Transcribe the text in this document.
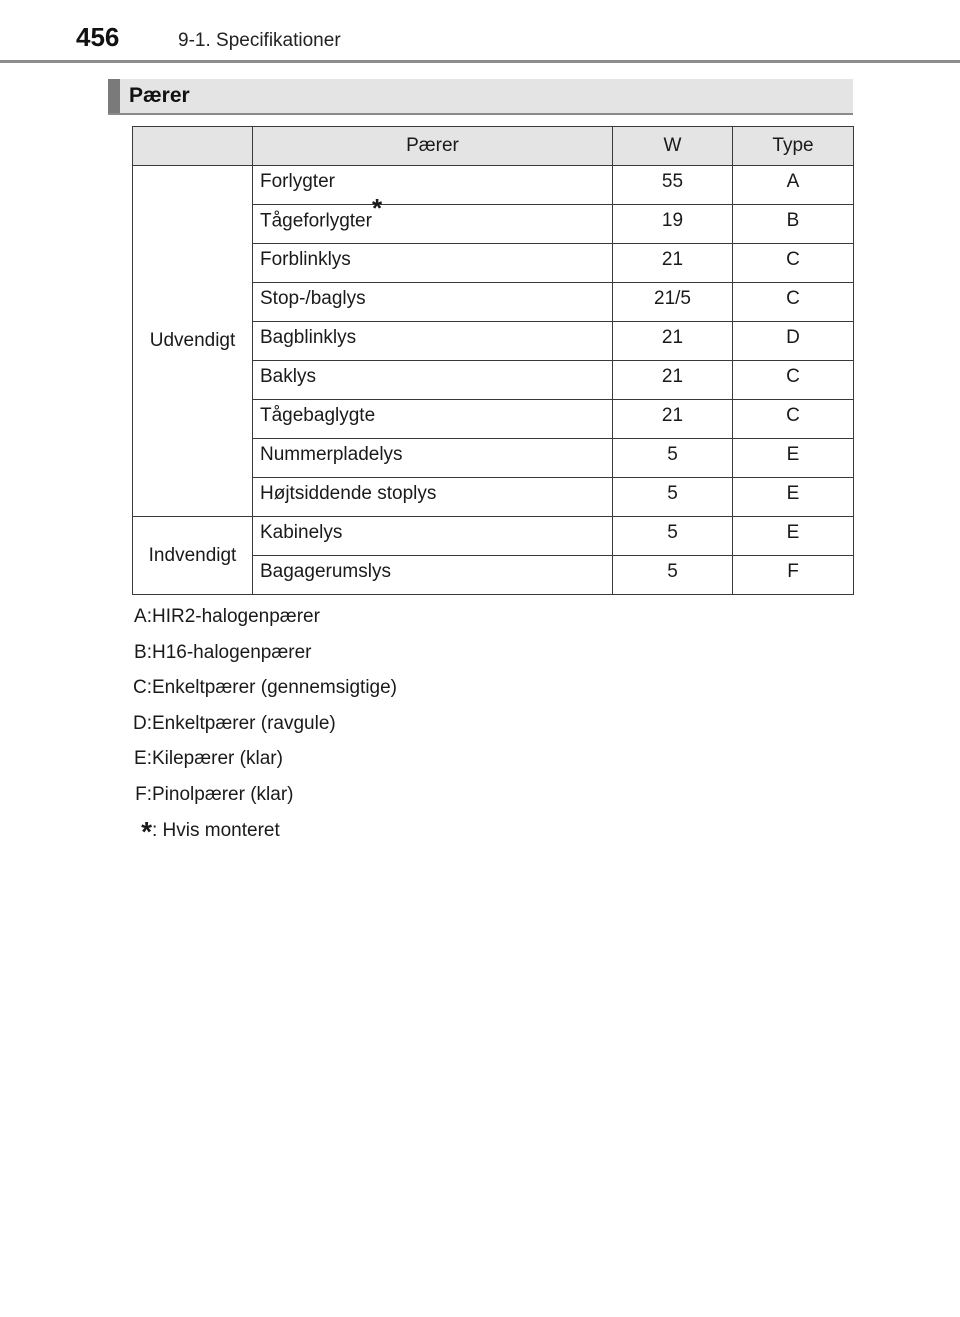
456	9-1. Specifikationer
Pærer
	Pærer	W	Type
Udvendigt	Forlygter	55	A
	Tågeforlygter*	19	B
	Forblinklys	21	C
	Stop-/baglys	21/5	C
	Bagblinklys	21	D
	Baklys	21	C
	Tågebaglygte	21	C
	Nummerpladelys	5	E
	Højtsiddende stoplys	5	E
Indvendigt	Kabinelys	5	E
	Bagagerumslys	5	F
A: HIR2-halogenpærer
B: H16-halogenpærer
C: Enkeltpærer (gennemsigtige)
D: Enkeltpærer (ravgule)
E: Kilepærer (klar)
F: Pinolpærer (klar)
* : Hvis monteret
